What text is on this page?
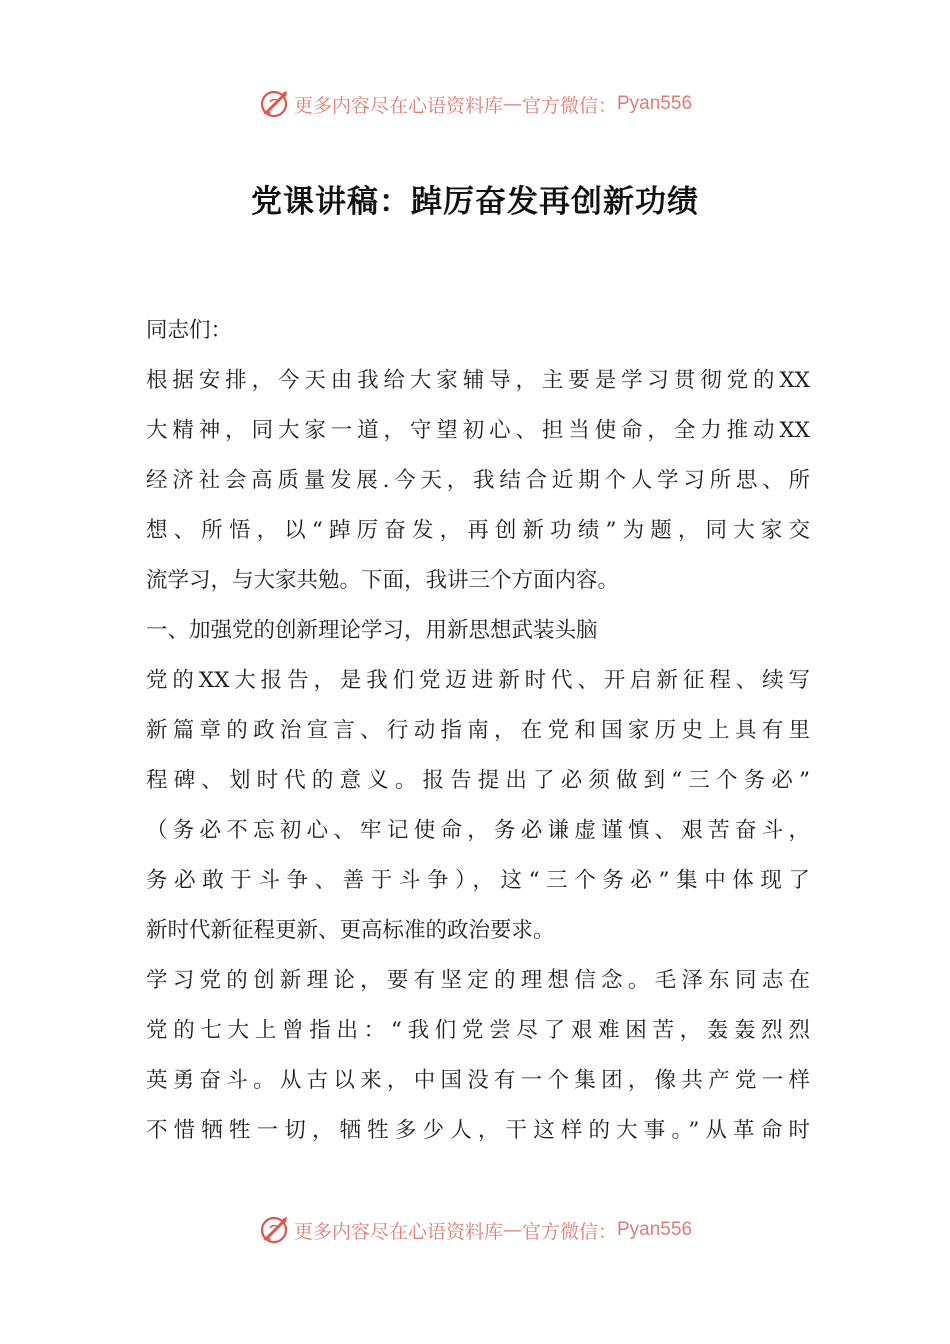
更多内容尽在心语资料库 — 官方微信： Pyan556
党课讲稿：踔厉奋发再创新功绩
同志们：
根据安排，今天由我给大家辅导，主要是学习贯彻党的XX
大精神，同大家一道，守望初心、担当使命，全力推动XX
经济社会高质量发展.今天，我结合近期个人学习所思、所
想、所悟，以“踔厉奋发，再创新功绩”为题，同大家交
流学习，与大家共勉。下面，我讲三个方面内容。
一、加强党的创新理论学习，用新思想武装头脑
党的XX大报告，是我们党迈进新时代、开启新征程、续写
新篇章的政治宣言、行动指南，在党和国家历史上具有里
程碑、划时代的意义。报告提出了必须做到“三个务必”
（务必不忘初心、牢记使命，务必谦虚谨慎、艰苦奋斗，
务必敢于斗争、善于斗争），这“三个务必”集中体现了
新时代新征程更新、更高标准的政治要求。
学习党的创新理论，要有坚定的理想信念。毛泽东同志在
党的七大上曾指出：“我们党尝尽了艰难困苦，轰轰烈烈
英勇奋斗。从古以来，中国没有一个集团，像共产党一样
不惜牺牲一切，牺牲多少人，干这样的大事。”从革命时
更多内容尽在心语资料库 — 官方微信： Pyan556
